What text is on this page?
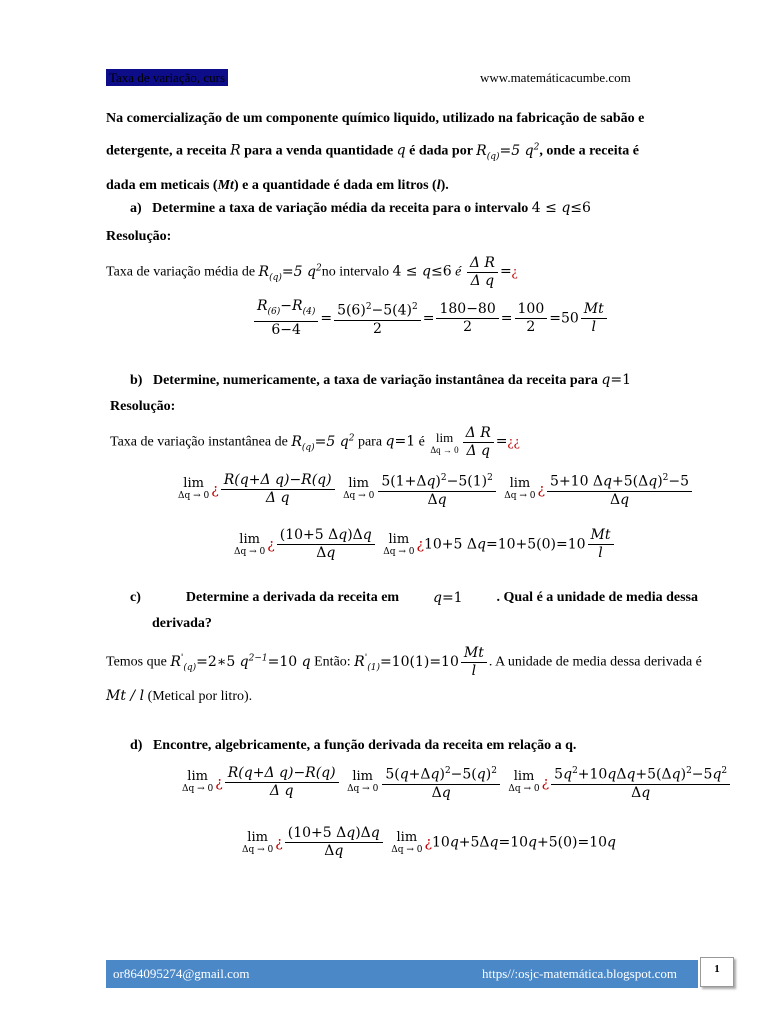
Taxa de variação, curs	www.matemáticacumbe.com
Na comercialização de um componente químico liquido, utilizado na fabricação de sabão e
detergente, a receita R para a venda quantidade q é dada por $R_{(q)}=5$ $q^2$, onde a receita é
dada em meticais (Mt) e a quantidade é dada em litros (l).
a) Determine a taxa de variação média da receita para o intervalo 4 ≤ q≤6
Resolução:
Taxa de variação média de $R_{(q)}=5$ $q^2no$ intervalo 4 ≤ q≤6 é $\frac{\text{Δ R}}{\text{Δ q}}$ =¿
$\frac{R_{(6)}-R_{(4)}}{6-4} = \frac{5(6)^2-5(4)^2}{2} = \frac{180-80}{2} = \frac{100}{2} =50 \frac{Mt}{l}$
b) Determine, numericamente, a taxa de variação instantânea da receita para q=1
Resolução:
Taxa de variação instantânea de $R_{(q)}=5$ $q^2$ para q=1 é lim
$\Delta q \to 0 \frac{\text{Δ R}}{\text{Δ q}}$ =¿¿
lim
Δq → 0 ¿ $\frac{\text{R(q+Δ q)−R(q)}}{\text{Δ q}}$
lim
$\Delta q \to 0 \frac{5(1+\Delta q)^2-5(1)^2}{\Delta q}$
lim
Δq → 0 ¿ $\frac{5+10 \Delta q+5(\Delta q)^2-5}{\Delta q}$
lim
Δq → 0 ¿ $\frac{(10+5 \Delta q)\Delta q}{\Delta q}$
lim
Δq → 0 ¿10+5 $\Delta q=10+5(0)=10 \frac{Mt}{l}$
c)	Determine a derivada da receita em q=1 . Qual é a unidade de media dessa
derivada?
Temos que $R'_{(q)}=2∗5$ $q^{2-1}=10$ q Então: $R'_{(1)}=10(1)=10 \frac{Mt}{l}$ . A unidade de media dessa derivada é
Mt / l (Metical por litro).
d) Encontre, algebricamente, a função derivada da receita em relação a q.
lim
Δq → 0 ¿ $\frac{\text{R(q+Δ q)−R(q)}}{\text{Δ q}}$
lim
$\Delta q \to 0 \frac{5(q+\Delta q)^2-5(q)^2}{\Delta q}$
lim
Δq → 0 ¿ $\frac{5q^2+10q\Delta q+5(\Delta q)^2-5q^2}{\Delta q}$
lim
Δq → 0 ¿ $\frac{(10+5 \Delta q)\Delta q}{\Delta q}$
lim
Δq → 0 ¿10q+5Δq=10q+5(0)=10q
or864095274@gmail.com	https//:osjc-matemática.blogspot.com	1
